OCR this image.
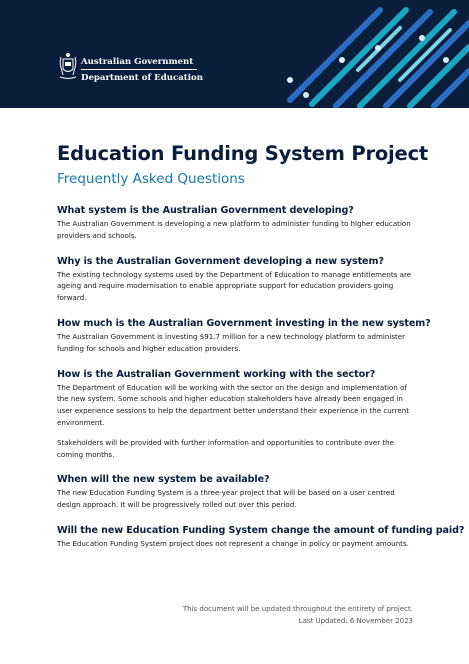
Australian Government
Department of Education
Education Funding System Project
Frequently Asked Questions
What system is the Australian Government developing?

The Australian Government is developing a new platform to administer funding to higher education providers and schools.

Why is the Australian Government developing a new system?

The existing technology systems used by the Department of Education to manage entitlements are ageing and require modernisation to enable appropriate support for education providers going forward.

How much is the Australian Government investing in the new system?

The Australian Government is investing $91.7 million for a new technology platform to administer funding for schools and higher education providers.

How is the Australian Government working with the sector?

The Department of Education will be working with the sector on the design and implementation of the new system. Some schools and higher education stakeholders have already been engaged in user experience sessions to help the department better understand their experience in the current environment.

Stakeholders will be provided with further information and opportunities to contribute over the coming months.

When will the new system be available?

The new Education Funding System is a three-year project that will be based on a user centred design approach. It will be progressively rolled out over this period.

Will the new Education Funding System change the amount of funding paid?

The Education Funding System project does not represent a change in policy or payment amounts.

This document will be updated throughout the entirety of project.
Last Updated: 6 November 2023
